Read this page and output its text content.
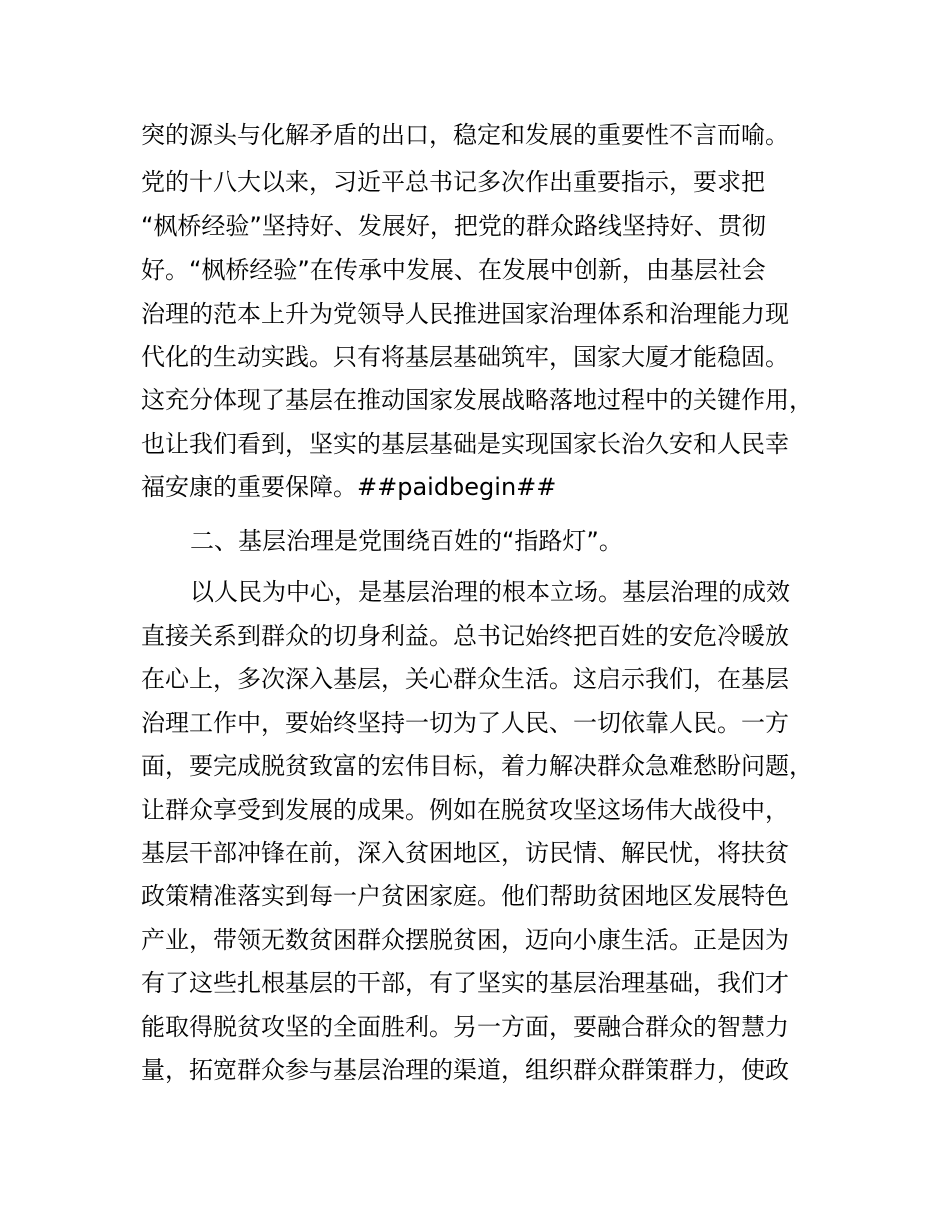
突的源头与化解矛盾的出口，稳定和发展的重要性不言而喻。

党的十八大以来，习近平总书记多次作出重要指示，要求把

“枫桥经验”坚持好、发展好，把党的群众路线坚持好、贯彻

好。“枫桥经验”在传承中发展、在发展中创新，由基层社会

治理的范本上升为党领导人民推进国家治理体系和治理能力现

代化的生动实践。只有将基层基础筑牢，国家大厦才能稳固。

这充分体现了基层在推动国家发展战略落地过程中的关键作用，

也让我们看到，坚实的基层基础是实现国家长治久安和人民幸

福安康的重要保障。##paidbegin##

二、基层治理是党围绕百姓的“指路灯”。

以人民为中心，是基层治理的根本立场。基层治理的成效

直接关系到群众的切身利益。总书记始终把百姓的安危冷暖放

在心上，多次深入基层，关心群众生活。这启示我们，在基层

治理工作中，要始终坚持一切为了人民、一切依靠人民。一方

面，要完成脱贫致富的宏伟目标，着力解决群众急难愁盼问题，

让群众享受到发展的成果。例如在脱贫攻坚这场伟大战役中，

基层干部冲锋在前，深入贫困地区，访民情、解民忧，将扶贫

政策精准落实到每一户贫困家庭。他们帮助贫困地区发展特色

产业，带领无数贫困群众摆脱贫困，迈向小康生活。正是因为

有了这些扎根基层的干部，有了坚实的基层治理基础，我们才

能取得脱贫攻坚的全面胜利。另一方面，要融合群众的智慧力

量，拓宽群众参与基层治理的渠道，组织群众群策群力，使政
